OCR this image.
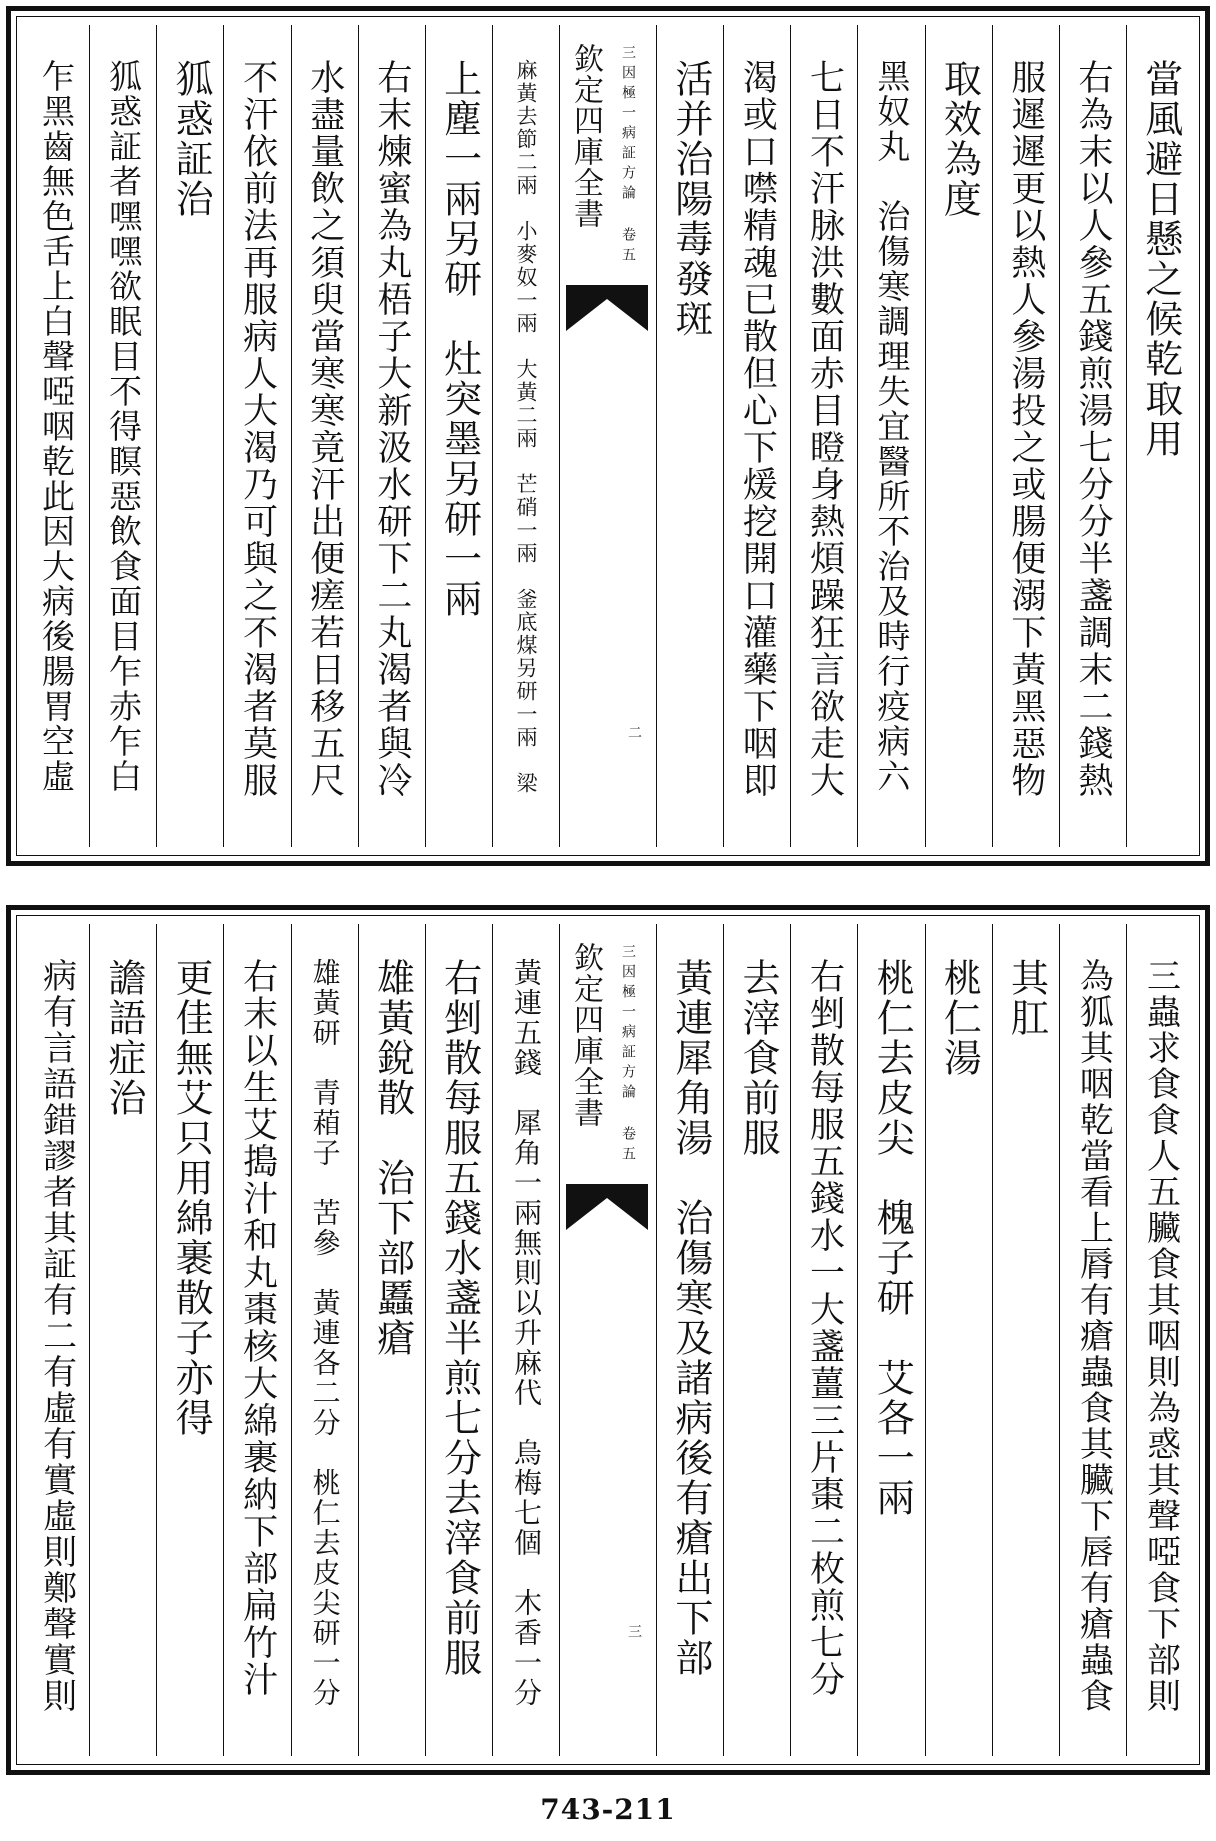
當風避日懸之候乾取用
右為末以人參五錢煎湯七分分半盞調末二錢熱
服遲遲更以熱人參湯投之或腸便溺下黃黑惡物
取效為度
黑奴丸　治傷寒調理失宜醫所不治及時行疫病六
七日不汗脉洪數面赤目瞪身熱煩躁狂言欲走大
渴或口噤精魂已散但心下煖挖開口灌藥下咽即
活并治陽毒發斑
欽定四庫全書 三因極一病証方論 卷五
二
麻黃去節二兩　小麥奴一兩　大黃二兩　芒硝一兩　釜底煤另研一兩　梁
上塵一兩另研　灶突墨另研一兩
右末煉蜜為丸梧子大新汲水研下二丸渴者與冷
水盡量飲之須臾當寒寒竟汗出便瘥若日移五尺
不汗依前法再服病人大渴乃可與之不渴者莫服
狐惑証治
狐惑証者嘿嘿欲眠目不得瞑惡飲食面目乍赤乍白
乍黑齒無色舌上白聲啞咽乾此因大病後腸胃空虛
三蟲求食食人五臟食其咽則為惑其聲啞食下部則
為狐其咽乾當看上脣有瘡蟲食其臟下唇有瘡蟲食
其肛
桃仁湯
桃仁去皮尖　槐子研　艾各一兩
右剉散每服五錢水一大盞薑三片棗二枚煎七分
去滓食前服
黃連犀角湯　治傷寒及諸病後有瘡出下部
欽定四庫全書 三因極一病証方論 卷五
三
黃連五錢　犀角一兩無則以升麻代　烏梅七個　木香一分
右剉散每服五錢水盞半煎七分去滓食前服
雄黃銳散　治下部䘌瘡
雄黃研　青葙子　苦參　黃連各二分　桃仁去皮尖研一分
右末以生艾搗汁和丸棗核大綿裹納下部扁竹汁
更佳無艾只用綿裹散子亦得
譫語症治
病有言語錯謬者其証有二有虛有實虛則鄭聲實則
743-211
